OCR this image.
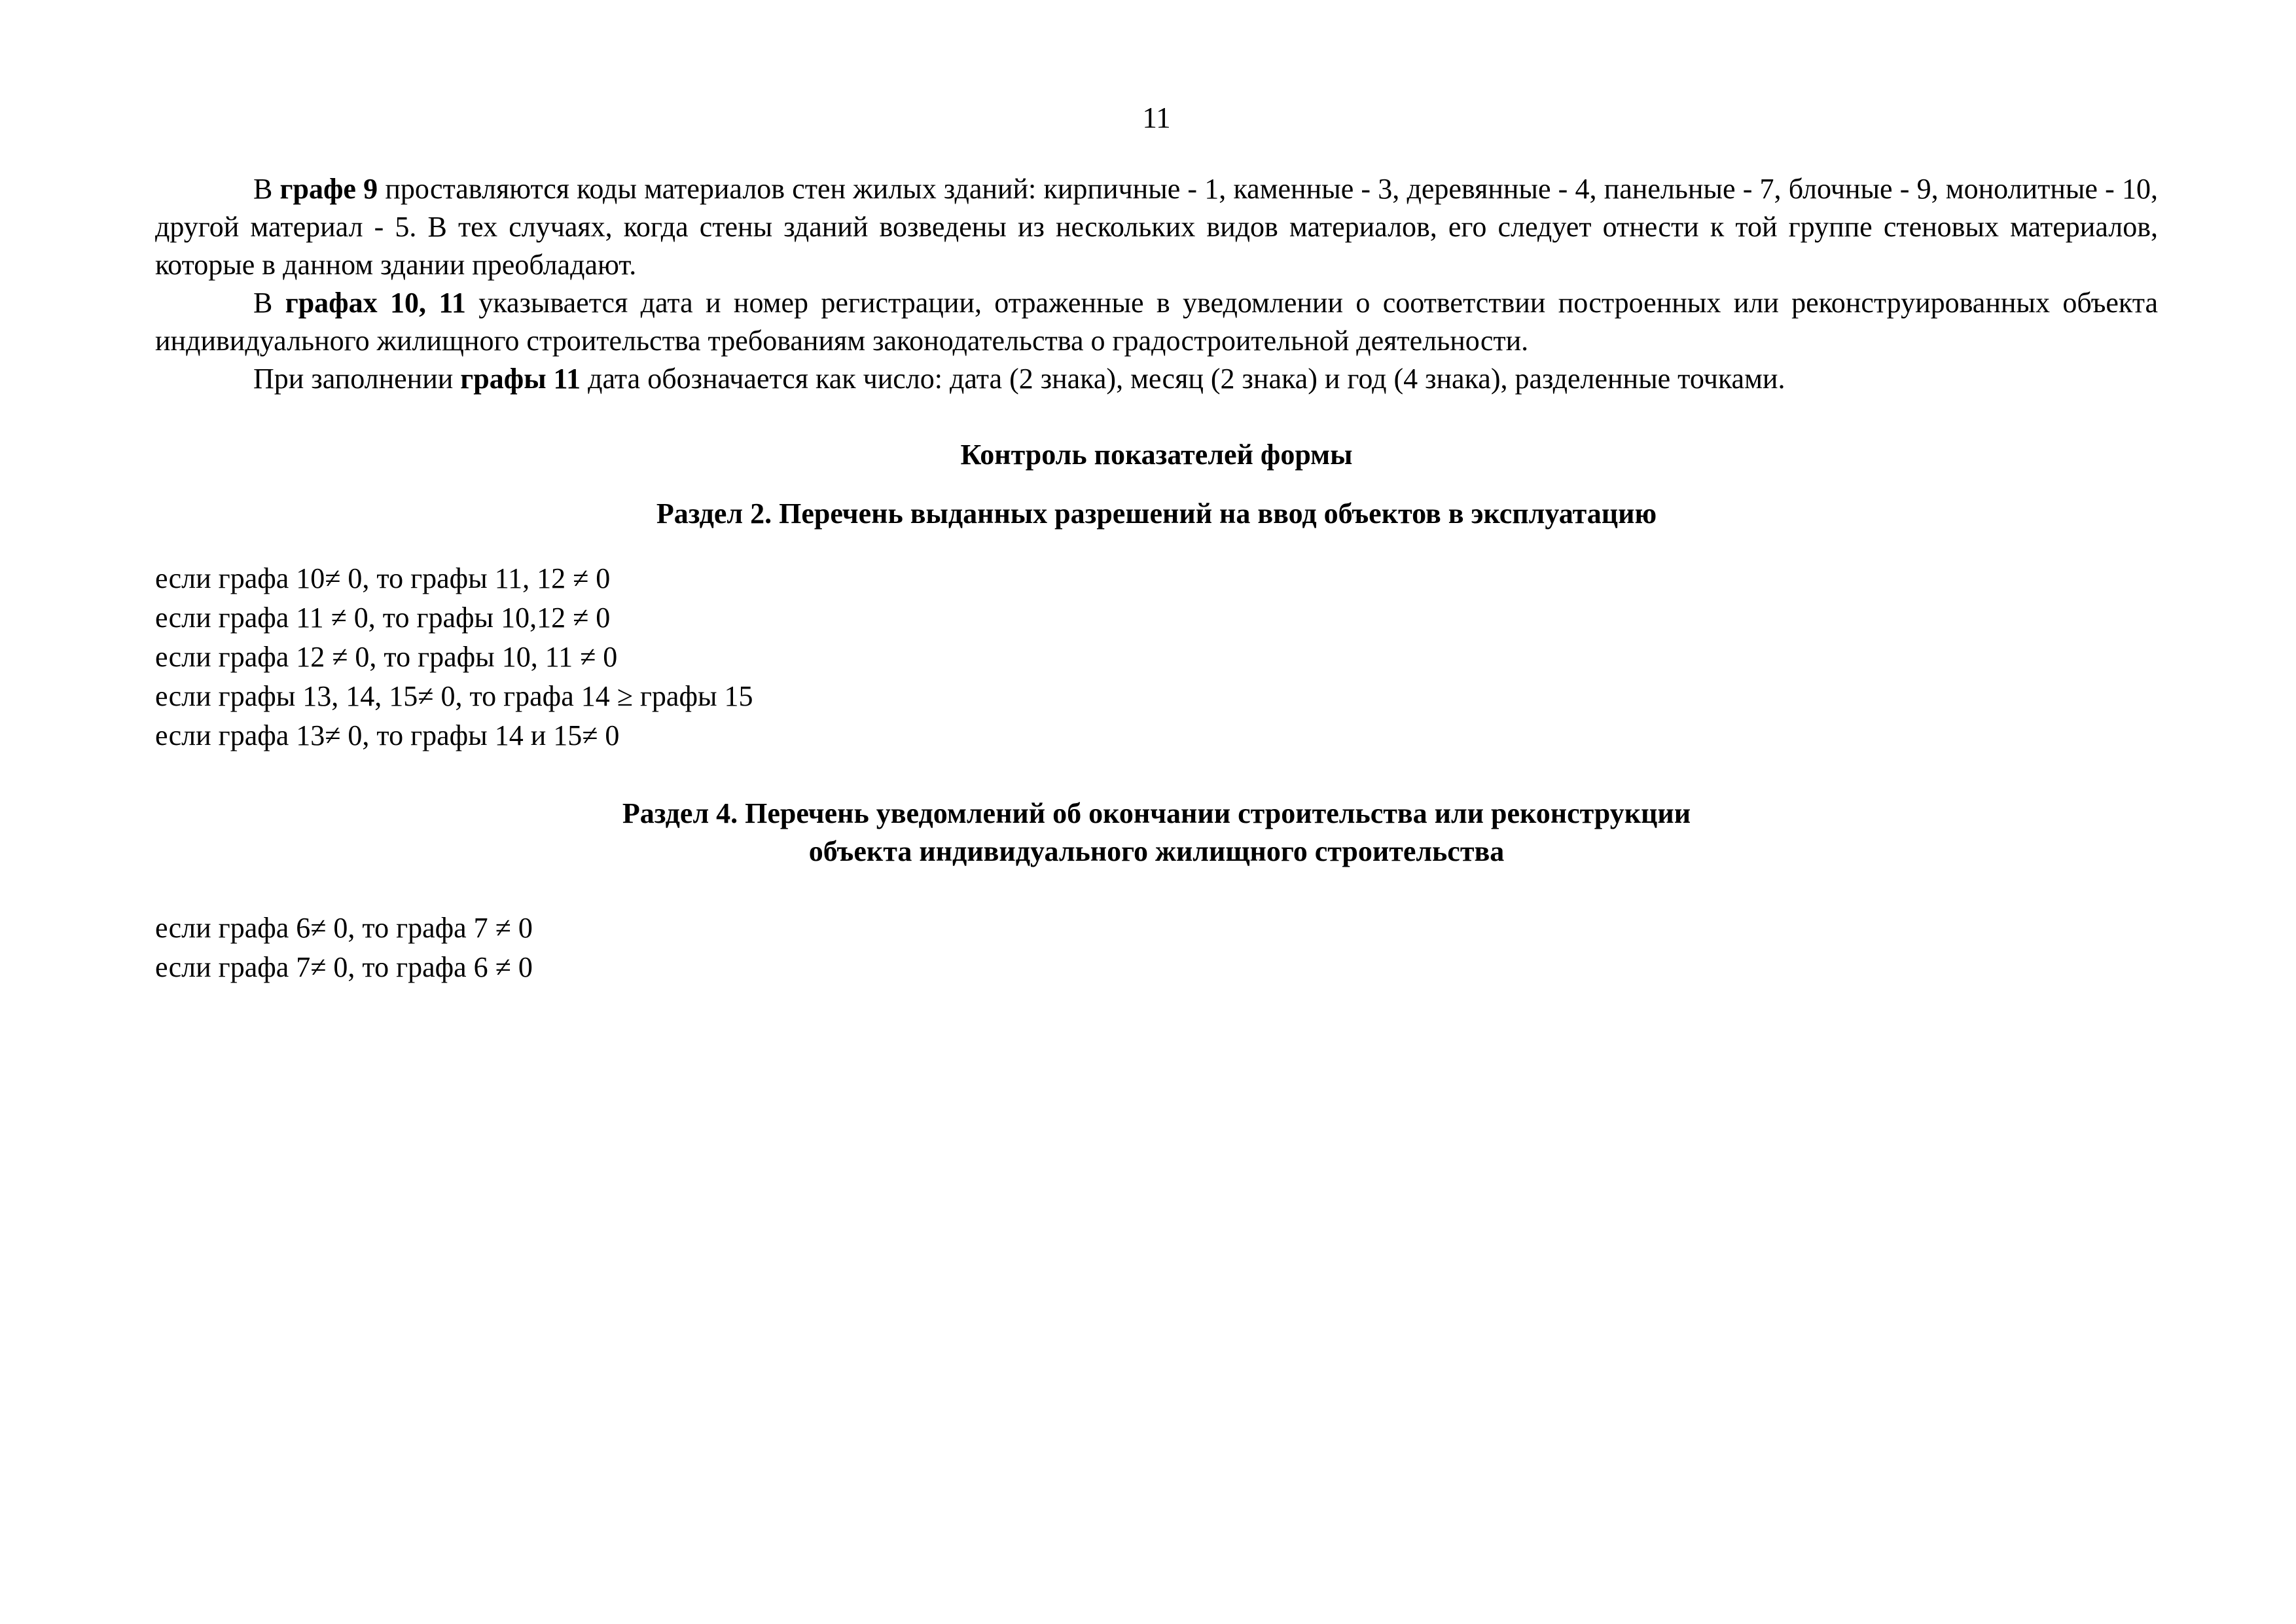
11

В графе 9 проставляются коды материалов стен жилых зданий: кирпичные - 1, каменные - 3, деревянные - 4, панельные - 7, блочные - 9, монолитные - 10, другой материал - 5. В тех случаях, когда стены зданий возведены из нескольких видов материалов, его следует отнести к той группе стеновых материалов, которые в данном здании преобладают.

В графах 10, 11 указывается дата и номер регистрации, отраженные в уведомлении о соответствии построенных или реконструированных объекта индивидуального жилищного строительства требованиям законодательства о градостроительной деятельности.

При заполнении графы 11 дата обозначается как число: дата (2 знака), месяц (2 знака) и год (4 знака), разделенные точками.

Контроль показателей формы
Раздел 2. Перечень выданных разрешений на ввод объектов в эксплуатацию
если графа 10≠ 0, то графы 11, 12 ≠ 0
если графа 11 ≠ 0, то графы 10,12 ≠ 0
если графа 12 ≠ 0, то графы 10, 11 ≠ 0
если графы 13, 14, 15≠ 0, то графа 14 ≥ графы 15
если графа 13≠ 0, то графы 14 и 15≠ 0
Раздел 4. Перечень уведомлений об окончании строительства или реконструкции
объекта индивидуального жилищного строительства
если графа 6≠ 0, то графа 7 ≠ 0
если графа 7≠ 0, то графа 6 ≠ 0
